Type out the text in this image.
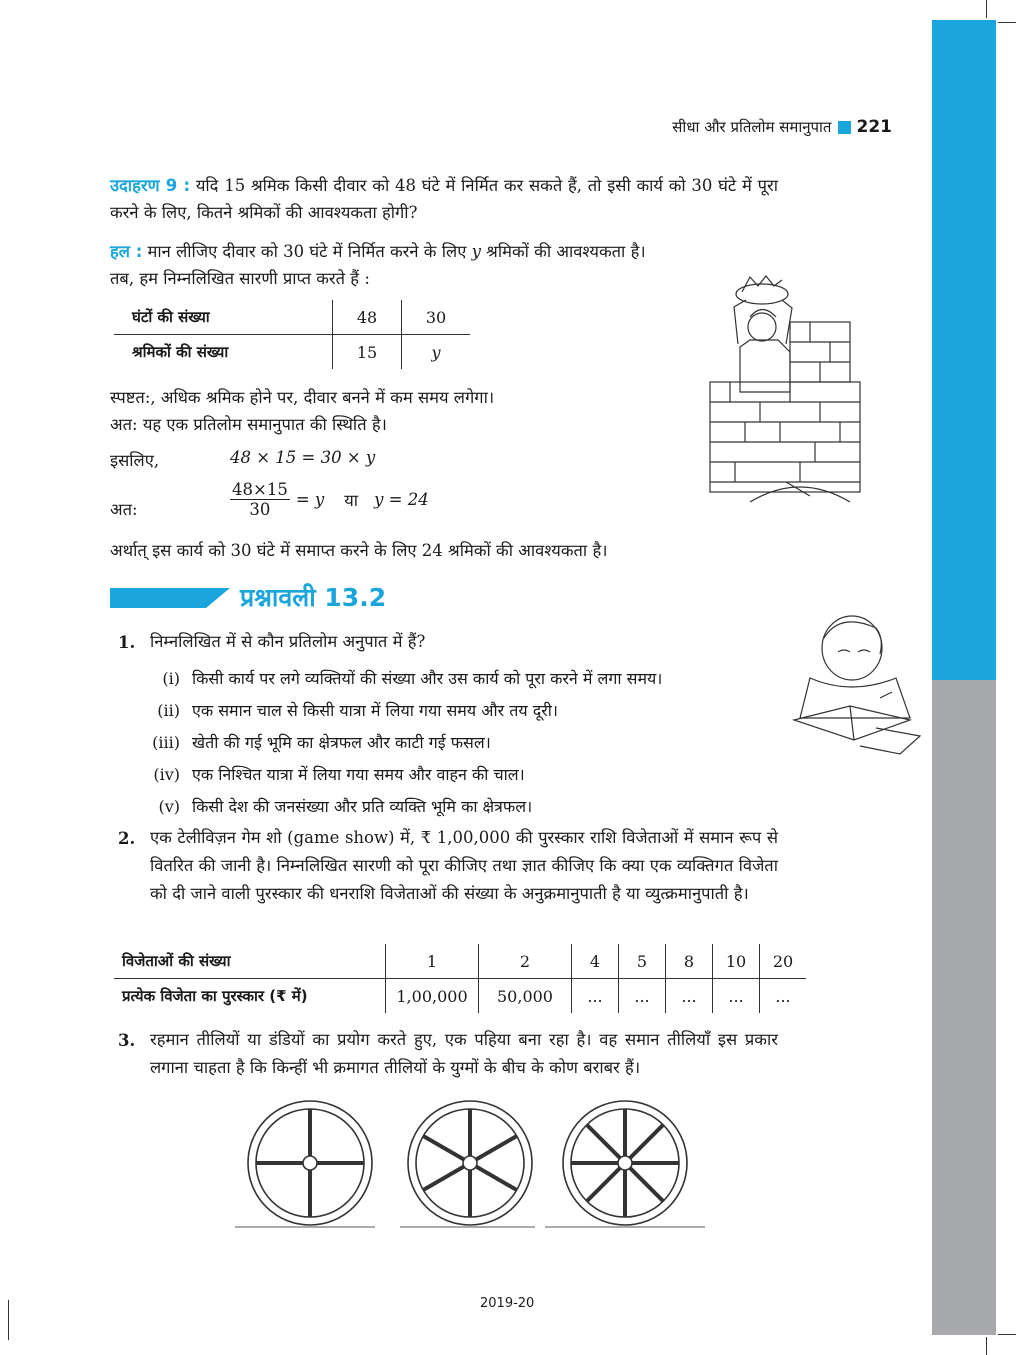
सीधा और प्रतिलोम समानुपात 221
उदाहरण 9 : यदि 15 श्रमिक किसी दीवार को 48 घंटे में निर्मित कर सकते हैं, तो इसी कार्य को 30 घंटे में पूरा करने के लिए, कितने श्रमिकों की आवश्यकता होगी?
हल : मान लीजिए दीवार को 30 घंटे में निर्मित करने के लिए y श्रमिकों की आवश्यकता है।
तब, हम निम्नलिखित सारणी प्राप्त करते हैं :
घंटों की संख्या	48	30
श्रमिकों की संख्या	15	y
स्पष्टत:, अधिक श्रमिक होने पर, दीवार बनने में कम समय लगेगा।
अत: यह एक प्रतिलोम समानुपात की स्थिति है।
इसलिए,	48 × 15 = 30 × y
अत:	$\frac{48\times 15}{30} = y$ या y = 24
अर्थात् इस कार्य को 30 घंटे में समाप्त करने के लिए 24 श्रमिकों की आवश्यकता है।
प्रश्नावली 13.2
1. निम्नलिखित में से कौन प्रतिलोम अनुपात में हैं?
(i) किसी कार्य पर लगे व्यक्तियों की संख्या और उस कार्य को पूरा करने में लगा समय।
(ii) एक समान चाल से किसी यात्रा में लिया गया समय और तय दूरी।
(iii) खेती की गई भूमि का क्षेत्रफल और काटी गई फसल।
(iv) एक निश्चित यात्रा में लिया गया समय और वाहन की चाल।
(v) किसी देश की जनसंख्या और प्रति व्यक्ति भूमि का क्षेत्रफल।
2. एक टेलीविज़न गेम शो (game show) में, ₹ 1,00,000 की पुरस्कार राशि विजेताओं में समान रूप से वितरित की जानी है। निम्नलिखित सारणी को पूरा कीजिए तथा ज्ञात कीजिए कि क्या एक व्यक्तिगत विजेता को दी जाने वाली पुरस्कार की धनराशि विजेताओं की संख्या के अनुक्रमानुपाती है या व्युत्क्रमानुपाती है।
विजेताओं की संख्या	1	2	4	5	8	10	20
प्रत्येक विजेता का पुरस्कार (₹ में)	1,00,000	50,000	...	...	...	...	...
3. रहमान तीलियों या डंडियों का प्रयोग करते हुए, एक पहिया बना रहा है। वह समान तीलियाँ इस प्रकार लगाना चाहता है कि किन्हीं भी क्रमागत तीलियों के युग्मों के बीच के कोण बराबर हैं।
2019-20
